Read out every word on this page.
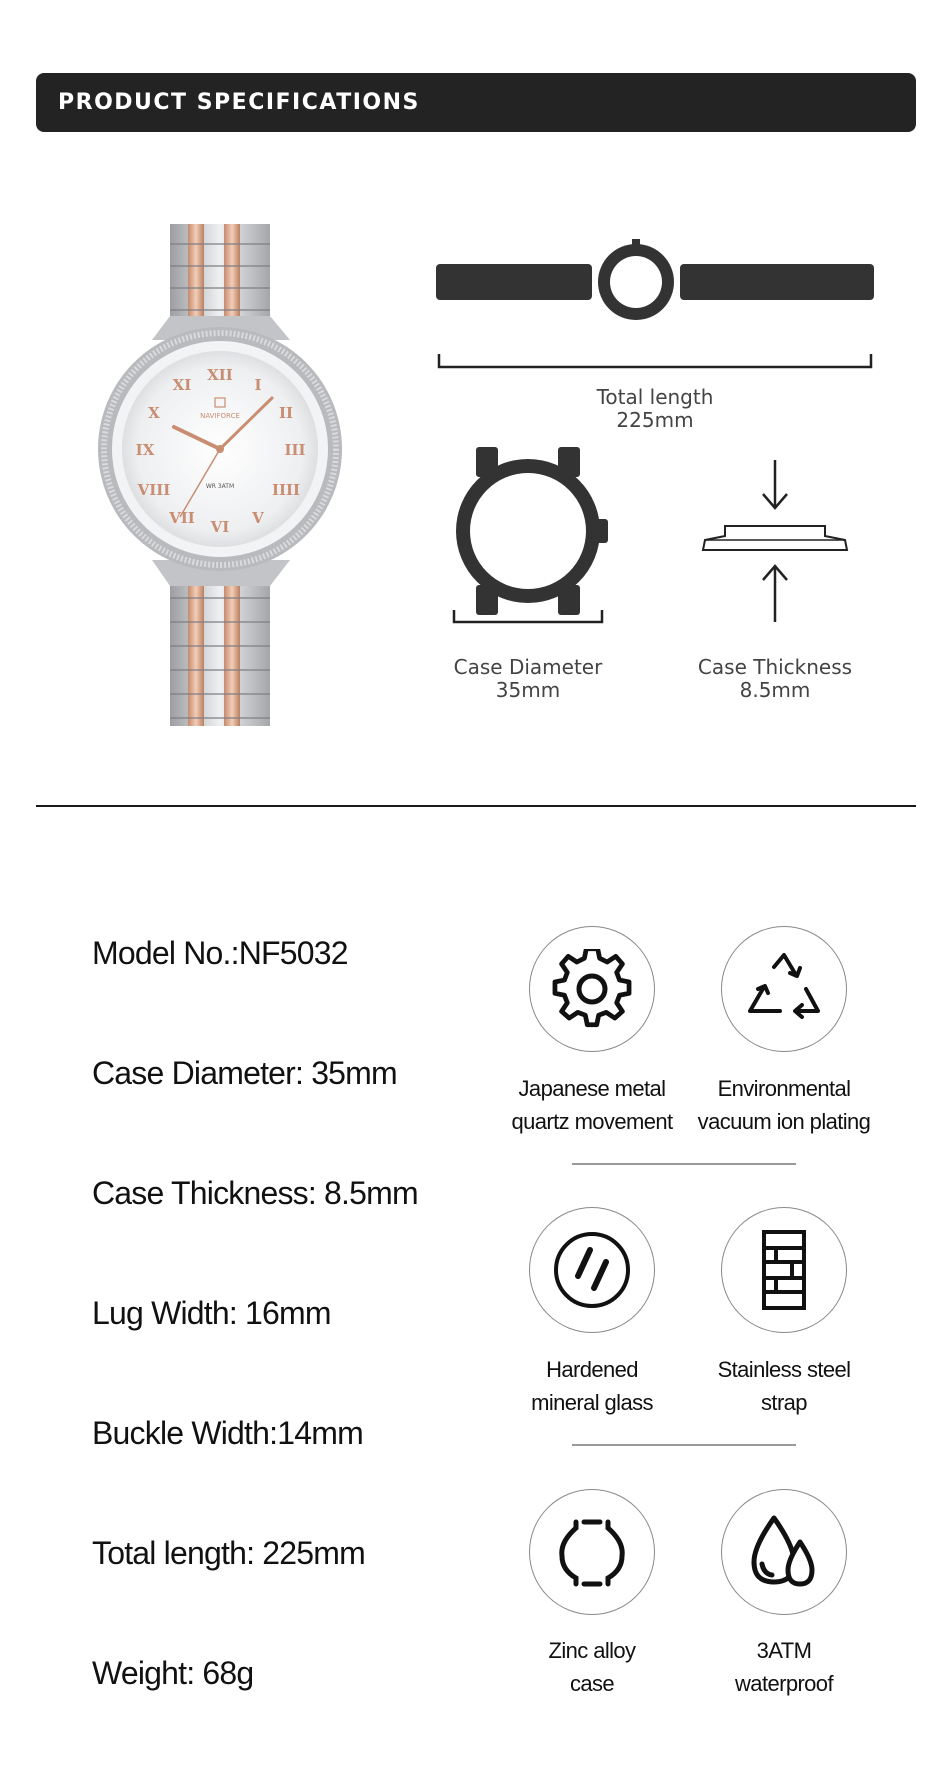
PRODUCT SPECIFICATIONS
XII
I
II
III
IIII
V
VI
VII
VIII
IX
X
XI
NAVIFORCE
WR 3ATM
Total length
225mm
Case Diameter
35mm
Case Thickness
8.5mm
Model No.:NF5032
Case Diameter: 35mm
Case Thickness: 8.5mm
Lug Width: 16mm
Buckle Width:14mm
Total length: 225mm
Weight: 68g
Japanese metal
quartz movement
Environmental
vacuum ion plating
Hardened
mineral glass
Stainless steel
strap
Zinc alloy
case
3ATM
waterproof
